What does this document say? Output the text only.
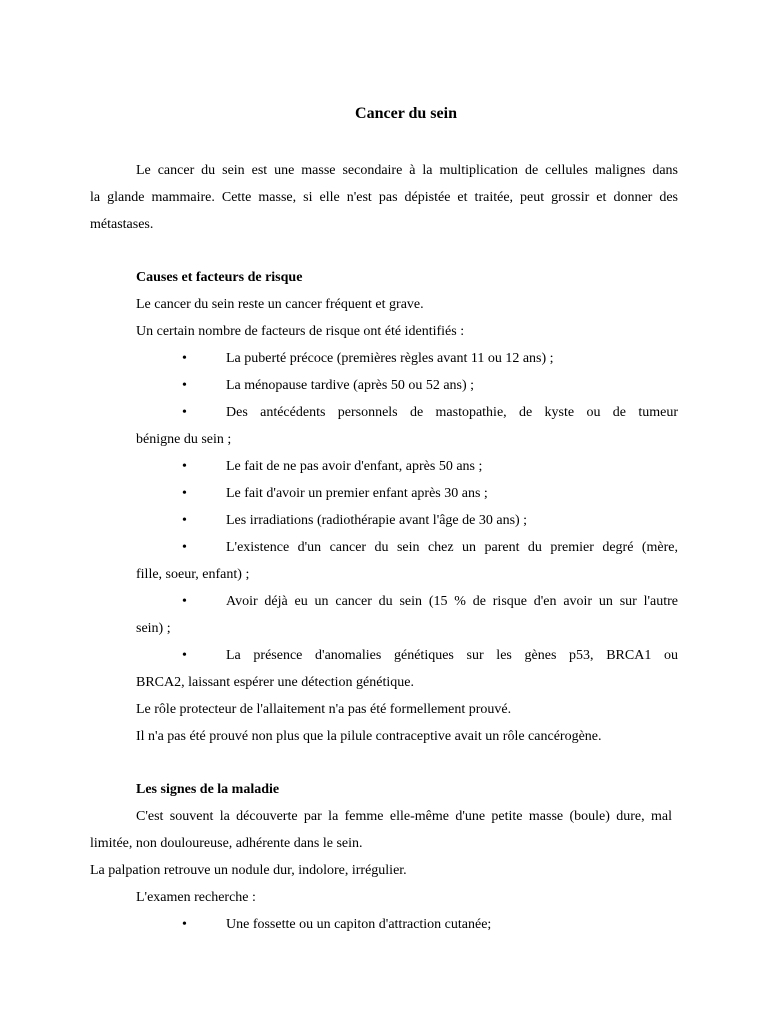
Cancer du sein
Le cancer du sein est une masse secondaire à la multiplication de cellules malignes dans
la glande mammaire. Cette masse, si elle n'est pas dépistée et traitée, peut grossir et donner des
métastases.
Causes et facteurs de risque
Le cancer du sein reste un cancer fréquent et grave.
Un certain nombre de facteurs de risque ont été identifiés :
•	La puberté précoce (premières règles avant 11 ou 12 ans) ;
•	La ménopause tardive (après 50 ou 52 ans) ;
•	Des antécédents personnels de mastopathie, de kyste ou de tumeur
bénigne du sein ;
•	Le fait de ne pas avoir d'enfant, après 50 ans ;
•	Le fait d'avoir un premier enfant après 30 ans ;
•	Les irradiations (radiothérapie avant l'âge de 30 ans) ;
•	L'existence d'un cancer du sein chez un parent du premier degré (mère,
fille, soeur, enfant) ;
•	Avoir déjà eu un cancer du sein (15 % de risque d'en avoir un sur l'autre
sein) ;
•	La présence d'anomalies génétiques sur les gènes p53, BRCA1 ou
BRCA2, laissant espérer une détection génétique.
Le rôle protecteur de l'allaitement n'a pas été formellement prouvé.
Il n'a pas été prouvé non plus que la pilule contraceptive avait un rôle cancérogène.
Les signes de la maladie
C'est souvent la découverte par la femme elle-même d'une petite masse (boule) dure, mal
limitée, non douloureuse, adhérente dans le sein.
La palpation retrouve un nodule dur, indolore, irrégulier.
L'examen recherche :
•	Une fossette ou un capiton d'attraction cutanée;
